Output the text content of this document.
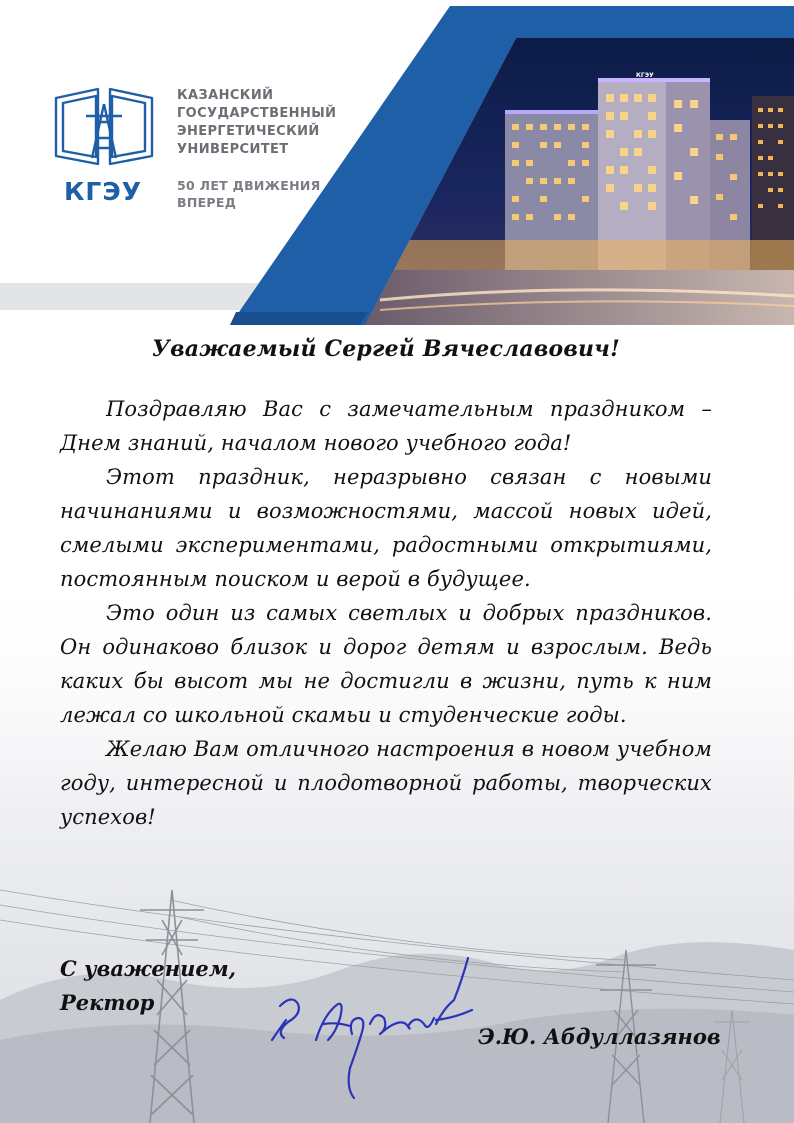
КГЭУ
КГЭУ
КАЗАНСКИЙ
ГОСУДАРСТВЕННЫЙ
ЭНЕРГЕТИЧЕСКИЙ
УНИВЕРСИТЕТ
50 ЛЕТ ДВИЖЕНИЯ
ВПЕРЕД
Уважаемый Сергей Вячеславович!

Поздравляю Вас с замечательным праздником – Днем знаний, началом нового учебного года!

Этот праздник, неразрывно связан с новыми начинаниями и возможностями, массой новых идей, смелыми экспериментами, радостными открытиями, постоянным поиском и верой в будущее.

Это один из самых светлых и добрых праздников. Он одинаково близок и дорог детям и взрослым. Ведь каких бы высот мы не достигли в жизни, путь к ним лежал со школьной скамьи и студенческие годы.

Желаю Вам отличного настроения в новом учебном году, интересной и плодотворной работы, творческих успехов!

С уважением,
Ректор
Э.Ю. Абдуллазянов
